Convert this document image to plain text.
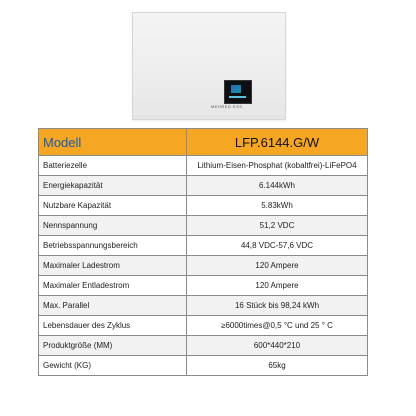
MEHRED ESS
Modell	LFP.6144.G/W
Batteriezelle	Lithium-Eisen-Phosphat (kobaltfrei)-LiFePO4
Energiekapazität	6.144kWh
Nutzbare Kapazität	5.83kWh
Nennspannung	51,2 VDC
Betriebsspannungsbereich	44,8 VDC-57,6 VDC
Maximaler Ladestrom	120 Ampere
Maximaler Entladestrom	120 Ampere
Max. Parallel	16 Stück bis 98,24 kWh
Lebensdauer des Zyklus	≥6000times@0,5 °C und 25 ° C
Produktgröße (MM)	600*440*210
Gewicht (KG)	65kg
